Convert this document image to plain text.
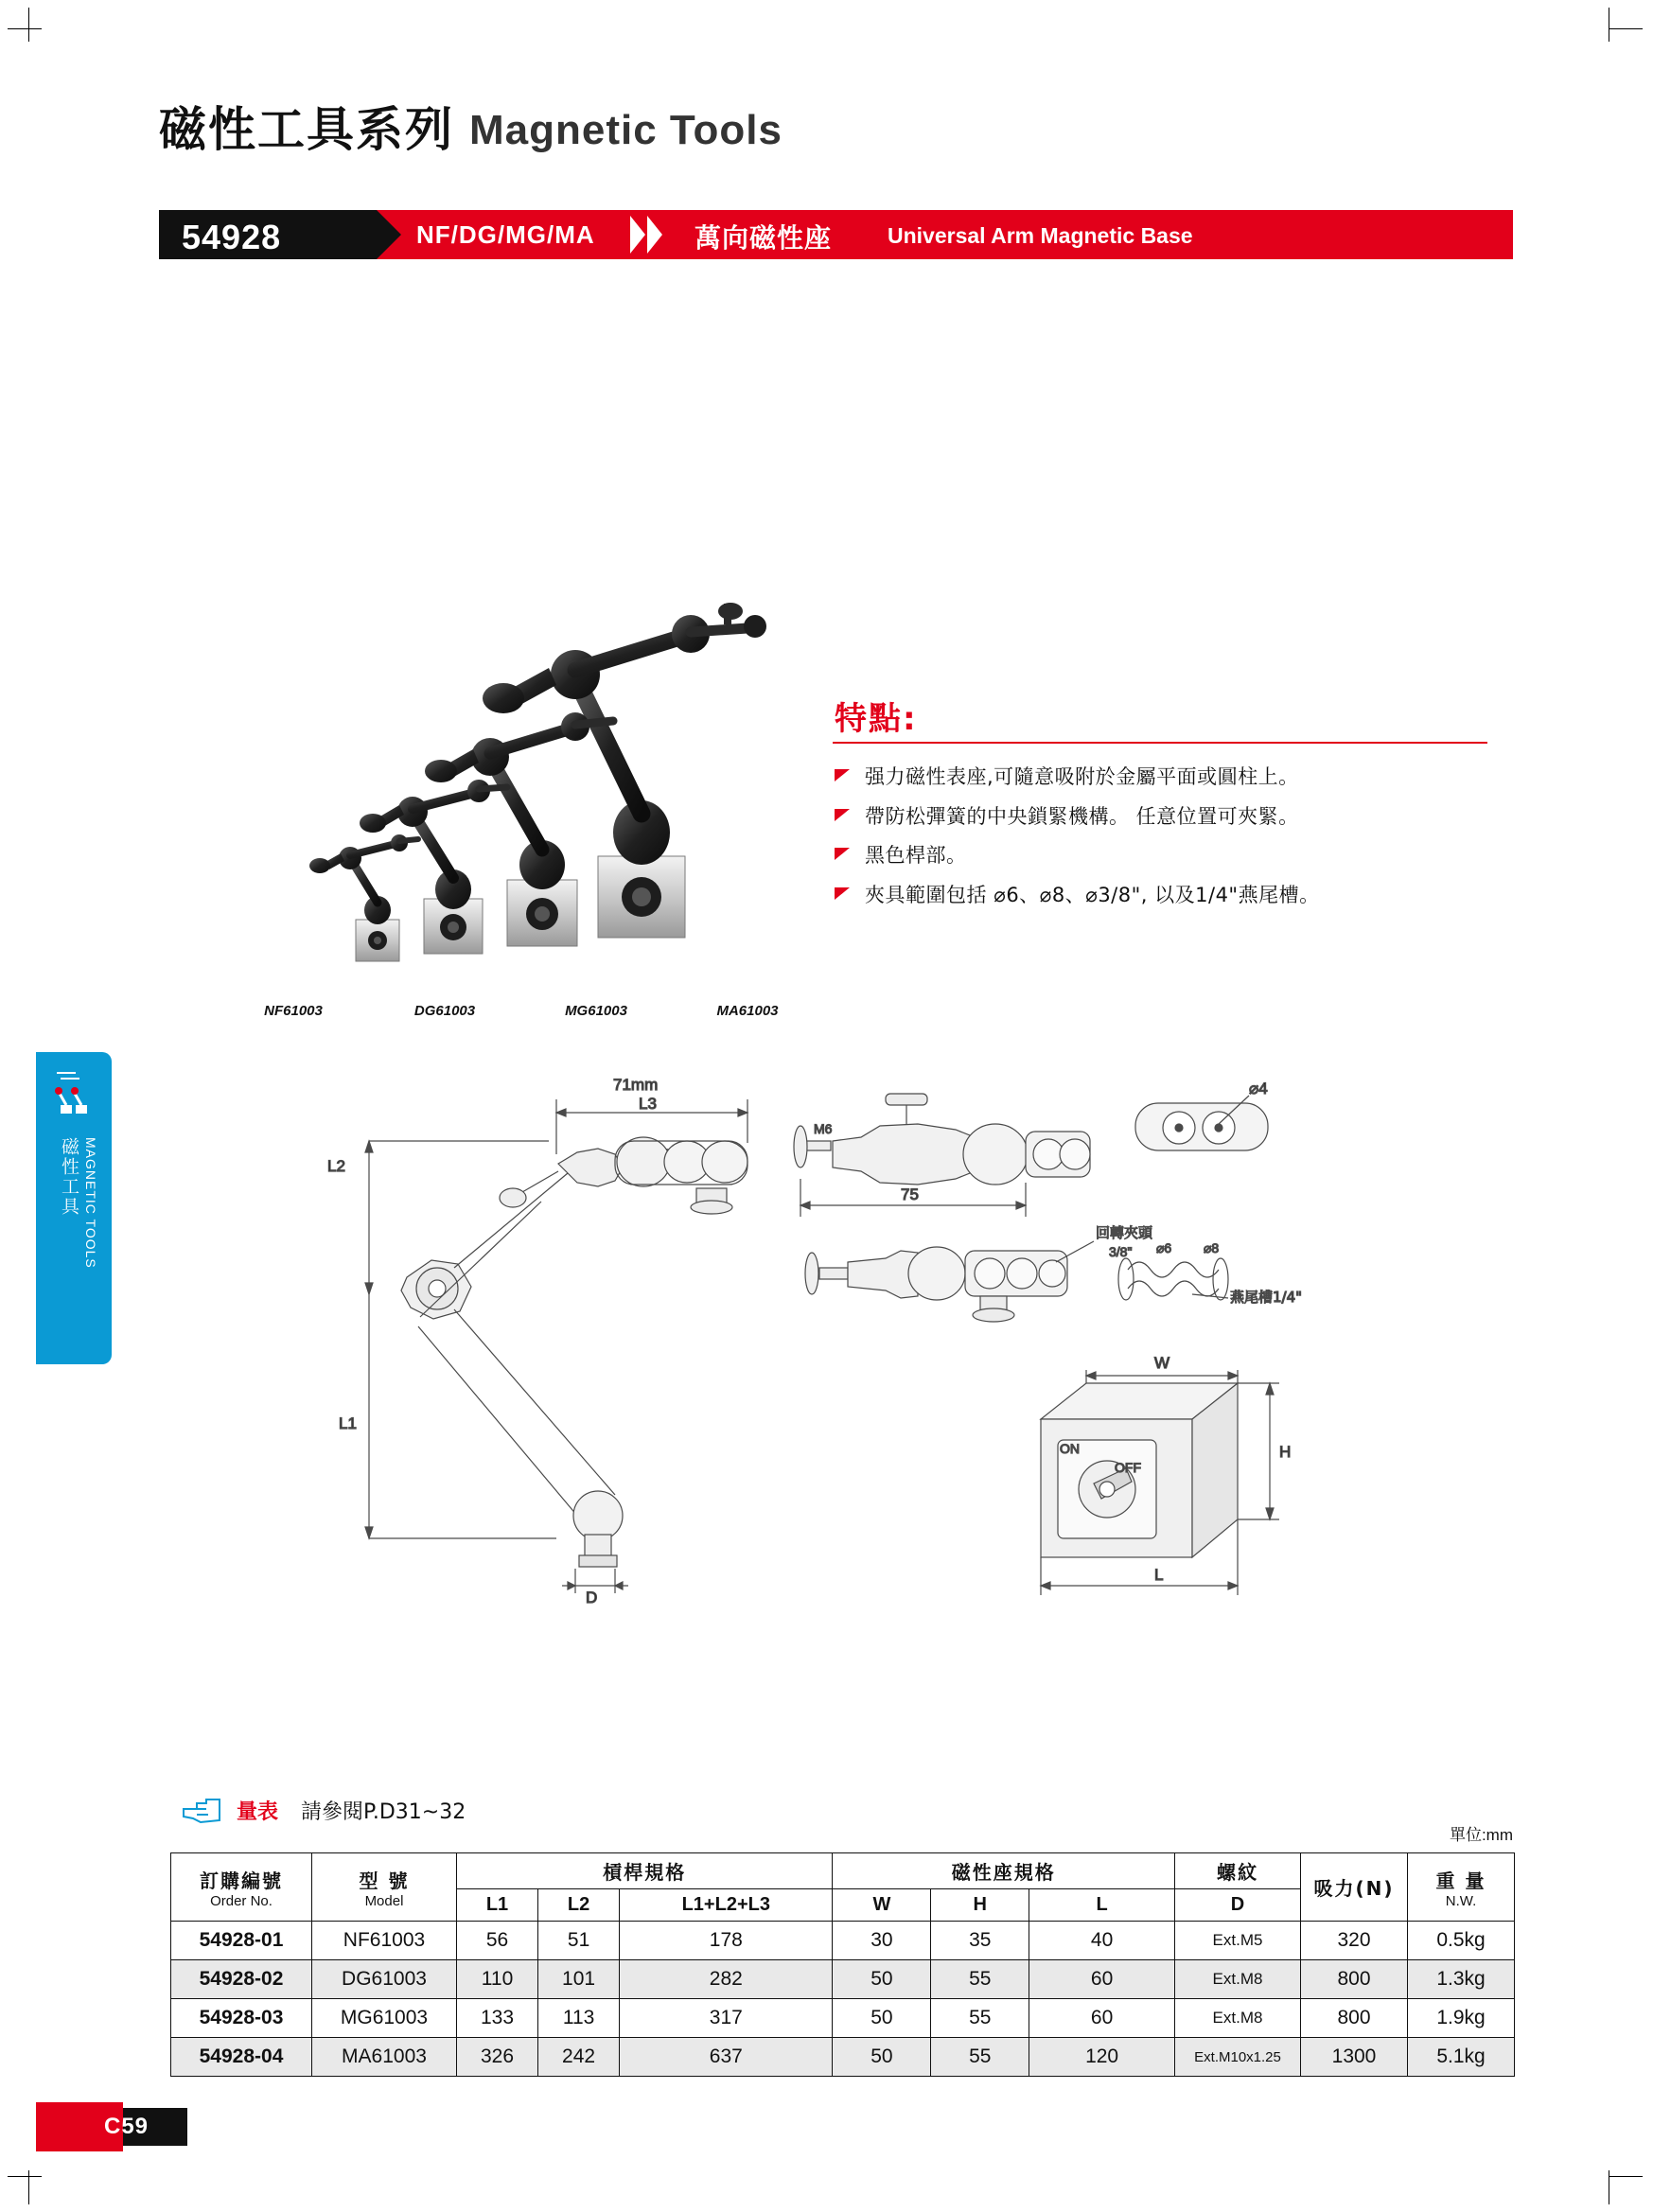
磁性工具系列 Magnetic Tools
54928	NF/DG/MG/MA	萬向磁性座	Universal Arm Magnetic Base
磁性工具 MAGNETIC TOOLS
NF61003	DG61003	MG61003	MA61003
特點:
强力磁性表座,可隨意吸附於金屬平面或圓柱上。
帶防松彈簧的中央鎖緊機構。 任意位置可夾緊。
黑色桿部。
夾具範圍包括 ⌀6、⌀8、⌀3/8", 以及1/4"燕尾槽。
71mm
L3
L2
L1
D
M6
75
⌀4
回轉夾頭
3/8" ⌀6 ⌀8
燕尾槽1/4"
ON
OFF
W
H
L
量表 請參閱P.D31~32
單位:mm
訂購編號
Order No.

型 號
Model
	槓桿規格	磁性座規格	螺紋	吸力(N)	重 量
N.W.

		L1	L2	L1+L2+L3	W	H	L	D		
54928-01	NF61003	56	51	178	30	35	40	Ext.M5	320	0.5kg
54928-02	DG61003	110	101	282	50	55	60	Ext.M8	800	1.3kg
54928-03	MG61003	133	113	317	50	55	60	Ext.M8	800	1.9kg
54928-04	MA61003	326	242	637	50	55	120	Ext.M10x1.25	1300	5.1kg
C59
